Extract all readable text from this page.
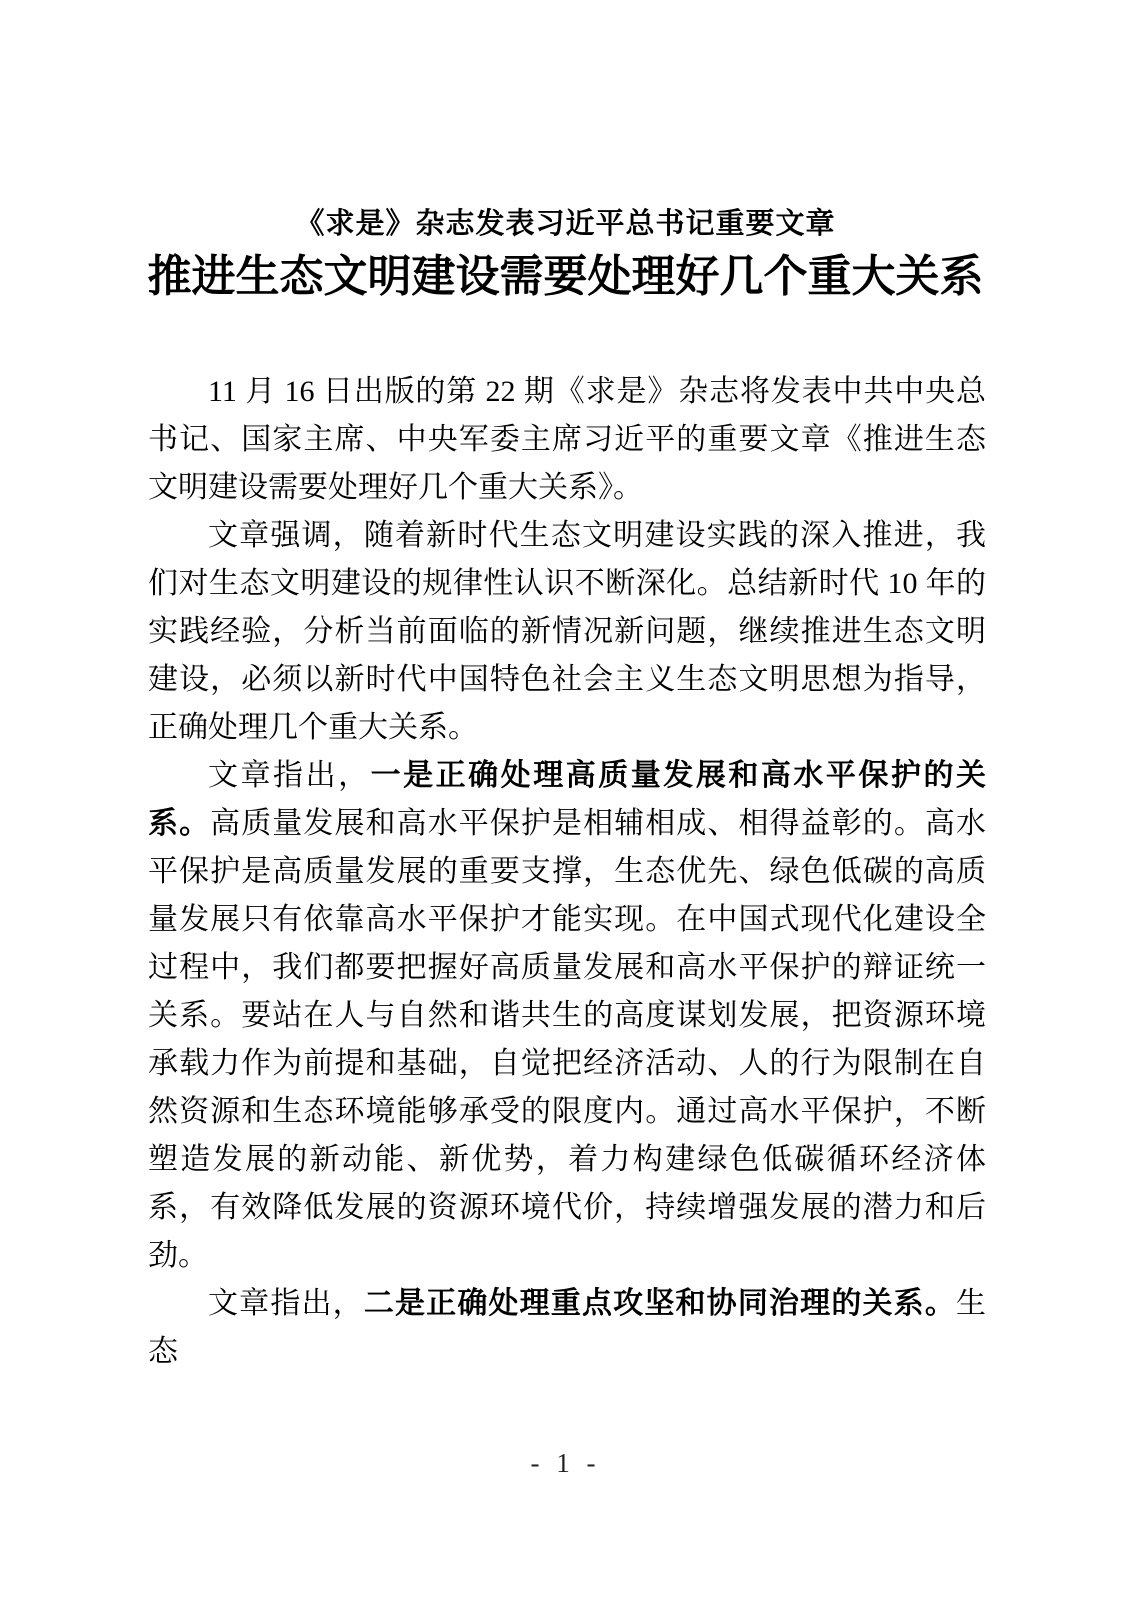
《求是》杂志发表习近平总书记重要文章
推进生态文明建设需要处理好几个重大关系

11 月 16 日出版的第 22 期《求是》杂志将发表中共中央总书记、国家主席、中央军委主席习近平的重要文章《推进生态文明建设需要处理好几个重大关系》。

文章强调，随着新时代生态文明建设实践的深入推进，我们对生态文明建设的规律性认识不断深化。总结新时代 10 年的实践经验，分析当前面临的新情况新问题，继续推进生态文明建设，必须以新时代中国特色社会主义生态文明思想为指导，正确处理几个重大关系。

文章指出，一是正确处理高质量发展和高水平保护的关系。高质量发展和高水平保护是相辅相成、相得益彰的。高水平保护是高质量发展的重要支撑，生态优先、绿色低碳的高质量发展只有依靠高水平保护才能实现。在中国式现代化建设全过程中，我们都要把握好高质量发展和高水平保护的辩证统一关系。要站在人与自然和谐共生的高度谋划发展，把资源环境承载力作为前提和基础，自觉把经济活动、人的行为限制在自然资源和生态环境能够承受的限度内。通过高水平保护，不断塑造发展的新动能、新优势，着力构建绿色低碳循环经济体系，有效降低发展的资源环境代价，持续增强发展的潜力和后劲。

文章指出，二是正确处理重点攻坚和协同治理的关系。生态

- 1 -
